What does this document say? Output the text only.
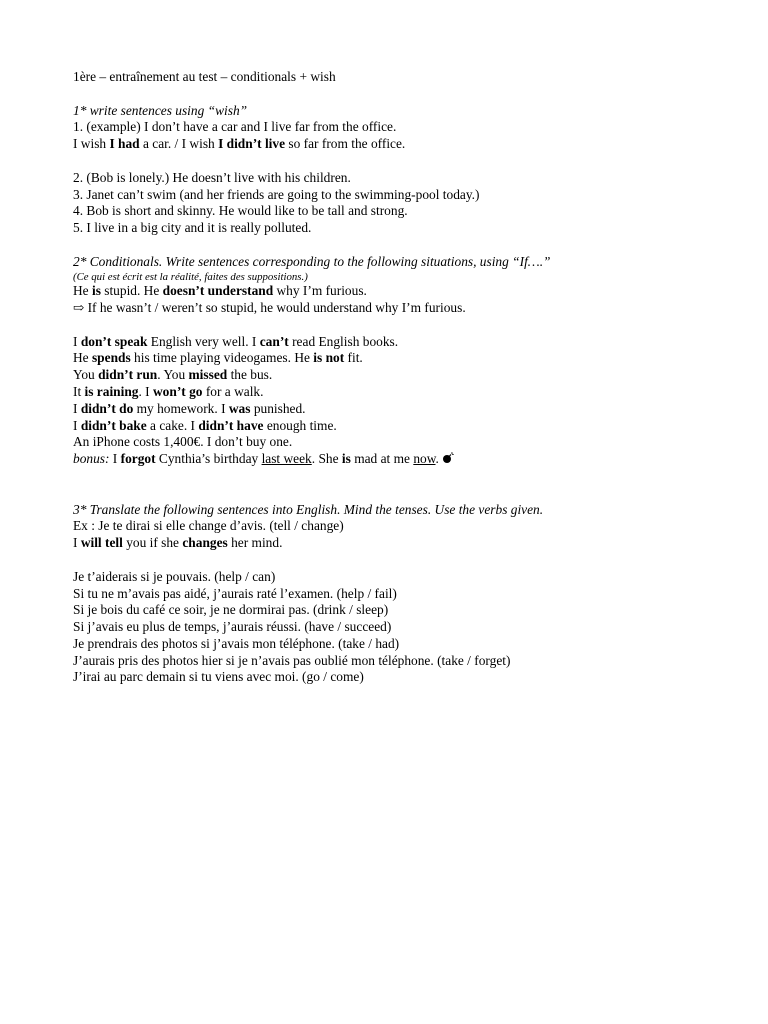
1ère – entraînement au test – conditionals + wish
1* write sentences using “wish”
1. (example) I don’t have a car and I live far from the office.
I wish I had a car. / I wish I didn’t live so far from the office.
2. (Bob is lonely.) He doesn’t live with his children.
3. Janet can’t swim (and her friends are going to the swimming-pool today.)
4. Bob is short and skinny. He would like to be tall and strong.
5. I live in a big city and it is really polluted.
2* Conditionals. Write sentences corresponding to the following situations, using “If….”
(Ce qui est écrit est la réalité, faites des suppositions.)
He is stupid. He doesn’t understand why I’m furious.
⇨ If he wasn’t / weren’t so stupid, he would understand why I’m furious.
I don’t speak English very well. I can’t read English books.
He spends his time playing videogames. He is not fit.
You didn’t run. You missed the bus.
It is raining. I won’t go for a walk.
I didn’t do my homework. I was punished.
I didn’t bake a cake. I didn’t have enough time.
An iPhone costs 1,400€. I don’t buy one.
bonus: I forgot Cynthia’s birthday last week. She is mad at me now.
3* Translate the following sentences into English. Mind the tenses. Use the verbs given.
Ex : Je te dirai si elle change d’avis. (tell / change)
I will tell you if she changes her mind.
Je t’aiderais si je pouvais. (help / can)
Si tu ne m’avais pas aidé, j’aurais raté l’examen. (help / fail)
Si je bois du café ce soir, je ne dormirai pas. (drink / sleep)
Si j’avais eu plus de temps, j’aurais réussi. (have / succeed)
Je prendrais des photos si j’avais mon téléphone. (take / had)
J’aurais pris des photos hier si je n’avais pas oublié mon téléphone. (take / forget)
J’irai au parc demain si tu viens avec moi. (go / come)
